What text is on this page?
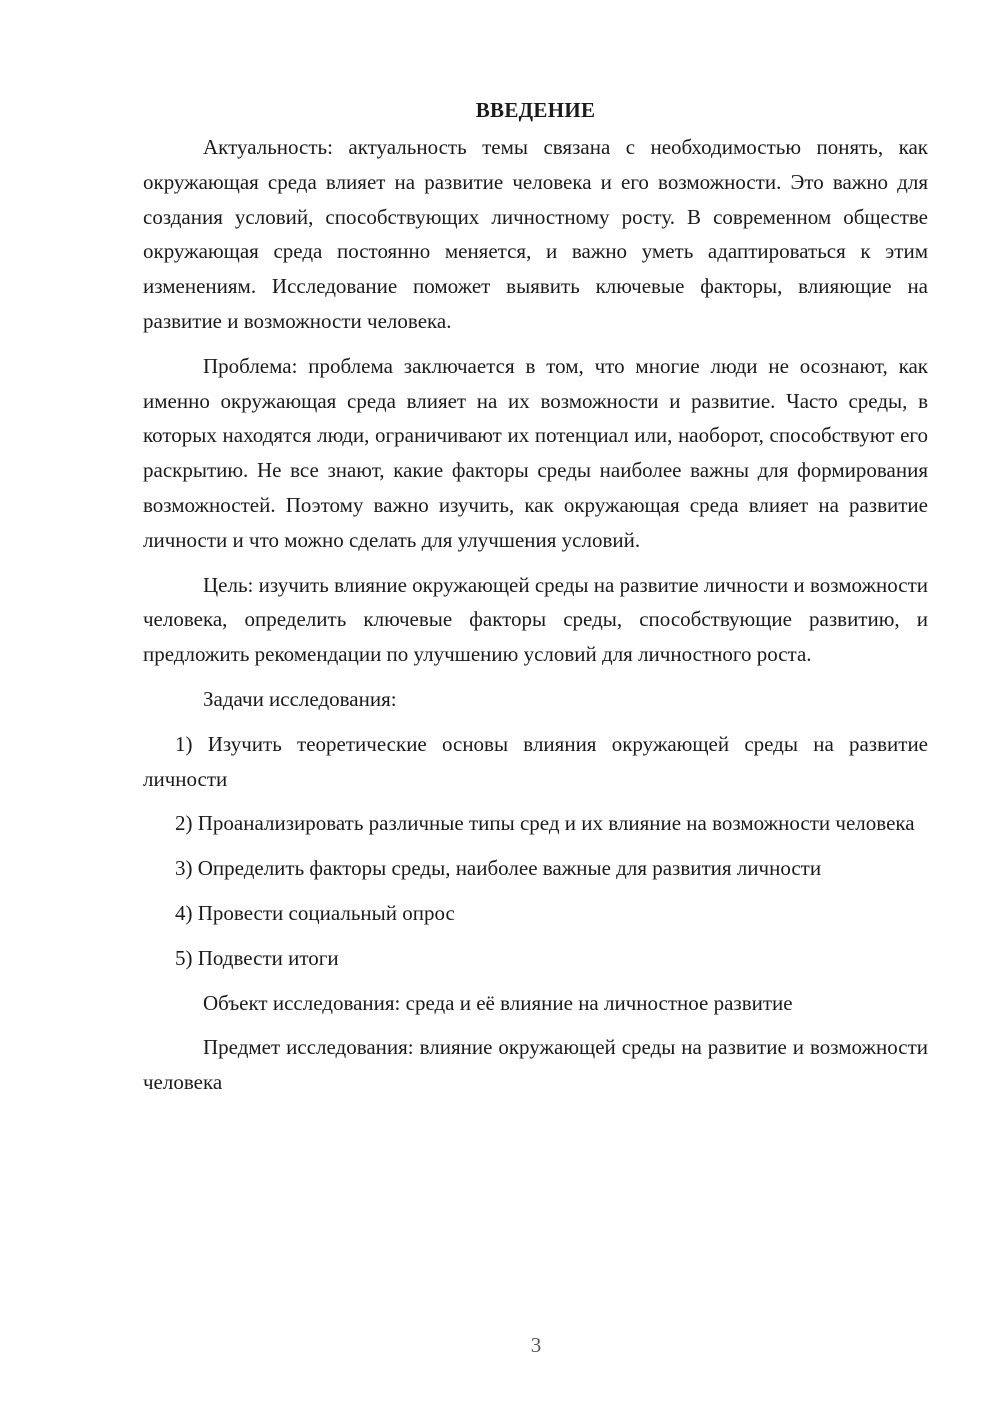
ВВЕДЕНИЕ

Актуальность: актуальность темы связана с необходимостью понять, как окружающая среда влияет на развитие человека и его возможности. Это важно для создания условий, способствующих личностному росту. В современном обществе окружающая среда постоянно меняется, и важно уметь адаптироваться к этим изменениям. Исследование поможет выявить ключевые факторы, влияющие на развитие и возможности человека.

Проблема: проблема заключается в том, что многие люди не осознают, как именно окружающая среда влияет на их возможности и развитие. Часто среды, в которых находятся люди, ограничивают их потенциал или, наоборот, способствуют его раскрытию. Не все знают, какие факторы среды наиболее важны для формирования возможностей. Поэтому важно изучить, как окружающая среда влияет на развитие личности и что можно сделать для улучшения условий.

Цель: изучить влияние окружающей среды на развитие личности и возможности человека, определить ключевые факторы среды, способствующие развитию, и предложить рекомендации по улучшению условий для личностного роста.

Задачи исследования:

1) Изучить теоретические основы влияния окружающей среды на развитие личности

2) Проанализировать различные типы сред и их влияние на возможности человека

3) Определить факторы среды, наиболее важные для развития личности

4) Провести социальный опрос

5) Подвести итоги

Объект исследования: среда и её влияние на личностное развитие

Предмет исследования: влияние окружающей среды на развитие и возможности человека

3
